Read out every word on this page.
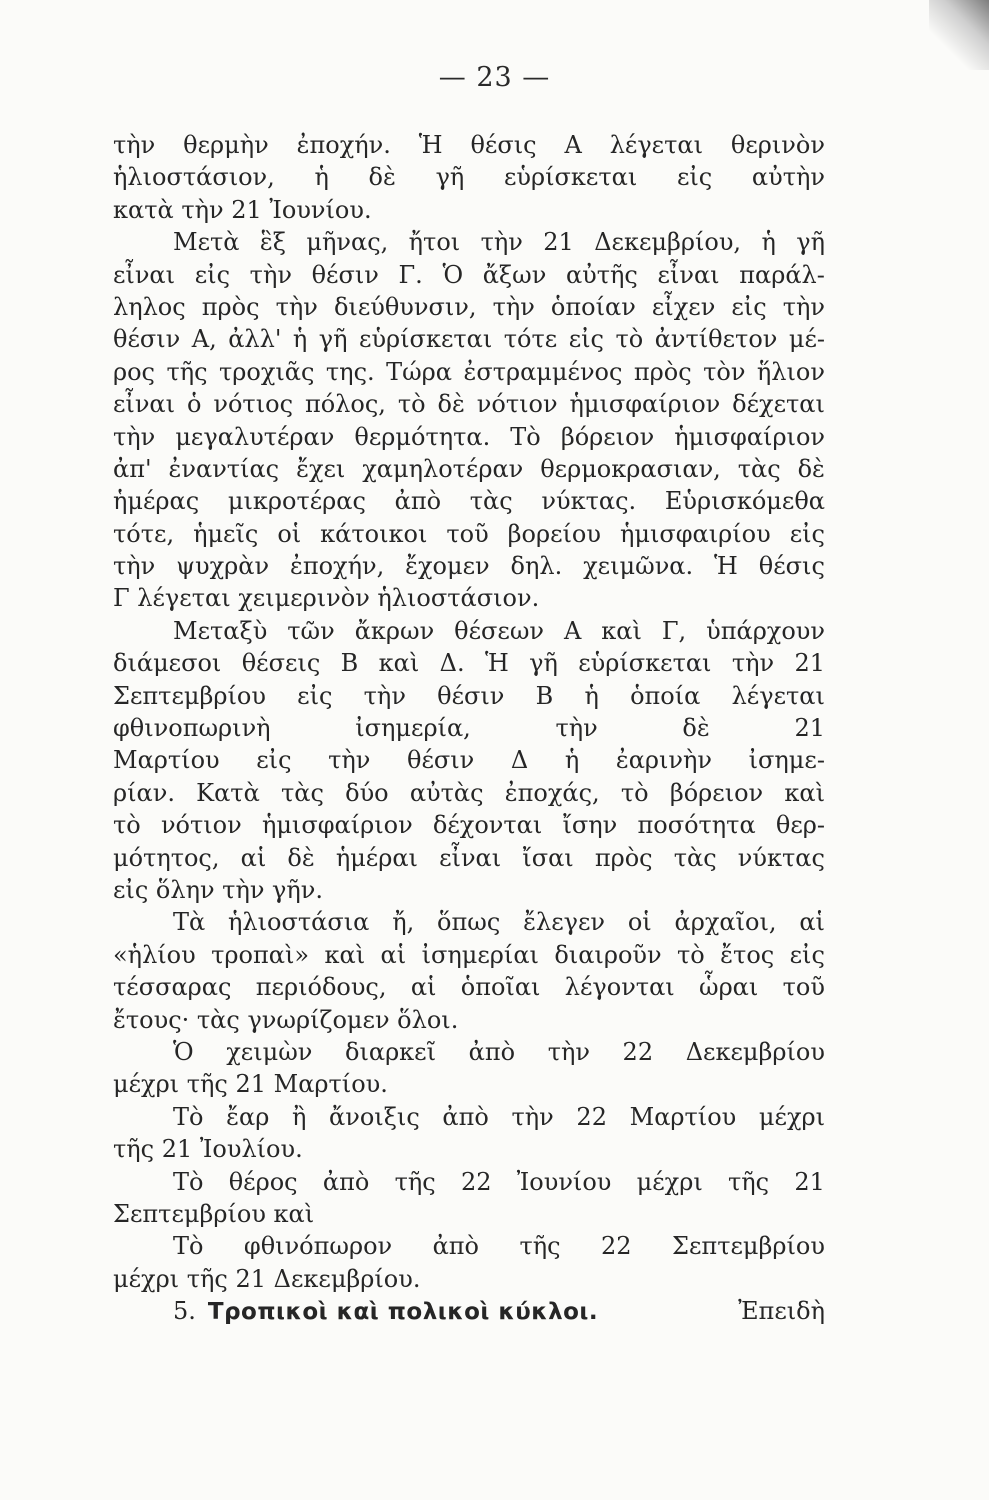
— 23 —
τὴν θερμὴν ἐποχήν. Ἡ θέσις Α λέγεται θερινὸν
ἡλιοστάσιον, ἡ δὲ γῆ εὑρίσκεται εἰς αὐτὴν
κατὰ τὴν 21 Ἰουνίου.
Μετὰ ἓξ μῆνας, ἤτοι τὴν 21 Δεκεμβρίου, ἡ γῆ
εἶναι εἰς τὴν θέσιν Γ. Ὁ ἄξων αὐτῆς εἶναι παράλ-
ληλος πρὸς τὴν διεύθυνσιν, τὴν ὁποίαν εἶχεν εἰς τὴν
θέσιν Α, ἀλλ' ἡ γῆ εὑρίσκεται τότε εἰς τὸ ἀντίθετον μέ-
ρος τῆς τροχιᾶς της. Τώρα ἐστραμμένος πρὸς τὸν ἥλιον
εἶναι ὁ νότιος πόλος, τὸ δὲ νότιον ἡμισφαίριον δέχεται
τὴν μεγαλυτέραν θερμότητα. Τὸ βόρειον ἡμισφαίριον
ἀπ' ἐναντίας ἔχει χαμηλοτέραν θερμοκρασιαν, τὰς δὲ
ἡμέρας μικροτέρας ἀπὸ τὰς νύκτας. Εὑρισκόμεθα
τότε, ἡμεῖς οἱ κάτοικοι τοῦ βορείου ἡμισφαιρίου εἰς
τὴν ψυχρὰν ἐποχήν, ἔχομεν δηλ. χειμῶνα. Ἡ θέσις
Γ λέγεται χειμερινὸν ἡλιοστάσιον.
Μεταξὺ τῶν ἄκρων θέσεων Α καὶ Γ, ὑπάρχουν
διάμεσοι θέσεις Β καὶ Δ. Ἡ γῆ εὑρίσκεται τὴν 21
Σεπτεμβρίου εἰς τὴν θέσιν Β ἡ ὁποία λέγεται
φθινοπωρινὴ	ἰσημερία,	τὴν	δὲ	21
Μαρτίου εἰς τὴν θέσιν Δ ἡ ἐαρινὴν ἰσημε-
ρίαν. Κατὰ τὰς δύο αὐτὰς ἐποχάς, τὸ βόρειον καὶ
τὸ νότιον ἡμισφαίριον δέχονται ἴσην ποσότητα θερ-
μότητος, αἱ δὲ ἡμέραι εἶναι ἴσαι πρὸς τὰς νύκτας
εἰς ὅλην τὴν γῆν.
Τὰ ἡλιοστάσια ἤ, ὅπως ἔλεγεν οἱ ἀρχαῖοι, αἱ
«ἡλίου τροπαὶ» καὶ αἱ ἰσημερίαι διαιροῦν τὸ ἔτος εἰς
τέσσαρας περιόδους, αἱ ὁποῖαι λέγονται ὧραι τοῦ
ἔτους· τὰς γνωρίζομεν ὅλοι.
Ὁ χειμὼν διαρκεῖ ἀπὸ τὴν 22 Δεκεμβρίου
μέχρι τῆς 21 Μαρτίου.
Τὸ ἔαρ ἢ ἄνοιξις ἀπὸ τὴν 22 Μαρτίου μέχρι
τῆς 21 Ἰουλίου.
Τὸ θέρος ἀπὸ τῆς 22 Ἰουνίου μέχρι τῆς 21
Σεπτεμβρίου καὶ
Τὸ φθινόπωρον ἀπὸ τῆς 22 Σεπτεμβρίου
μέχρι τῆς 21 Δεκεμβρίου.
5. Τροπικοὶ καὶ πολικοὶ κύκλοι.	Ἐπειδὴ
